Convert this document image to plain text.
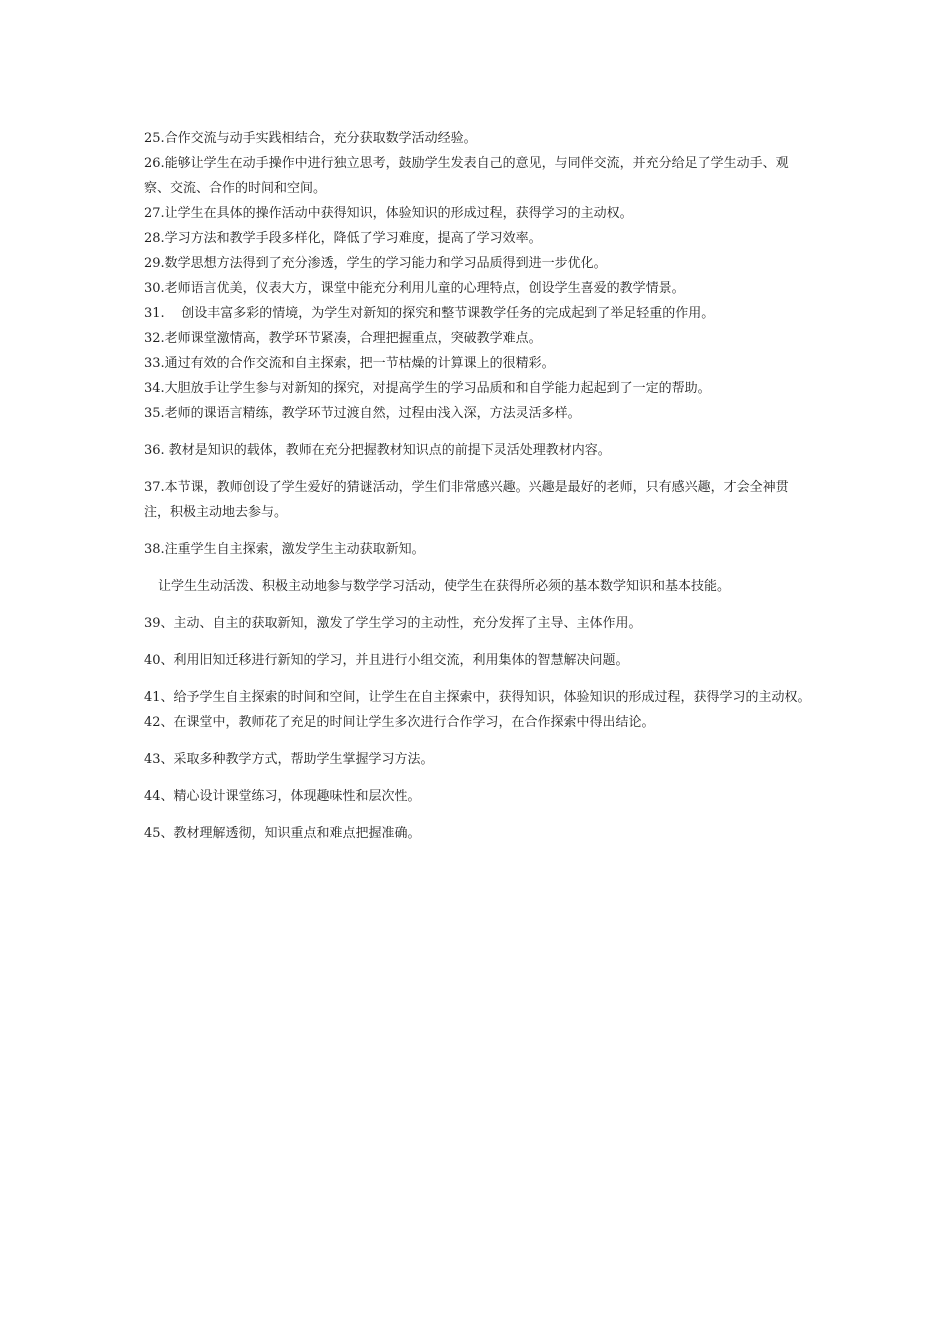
25.合作交流与动手实践相结合，充分获取数学活动经验。

26.能够让学生在动手操作中进行独立思考，鼓励学生发表自己的意见，与同伴交流，并充分给足了学生动手、观察、交流、合作的时间和空间。

27.让学生在具体的操作活动中获得知识，体验知识的形成过程，获得学习的主动权。

28.学习方法和教学手段多样化，降低了学习难度，提高了学习效率。

29.数学思想方法得到了充分渗透，学生的学习能力和学习品质得到进一步优化。

30.老师语言优美，仪表大方，课堂中能充分利用儿童的心理特点，创设学生喜爱的教学情景。

31.    创设丰富多彩的情境，为学生对新知的探究和整节课教学任务的完成起到了举足轻重的作用。

32.老师课堂激情高，教学环节紧凑，合理把握重点，突破教学难点。

33.通过有效的合作交流和自主探索，把一节枯燥的计算课上的很精彩。

34.大胆放手让学生参与对新知的探究，对提高学生的学习品质和和自学能力起起到了一定的帮助。

35.老师的课语言精练，教学环节过渡自然，过程由浅入深，方法灵活多样。

36. 教材是知识的载体，教师在充分把握教材知识点的前提下灵活处理教材内容。

37.本节课，教师创设了学生爱好的猜谜活动，学生们非常感兴趣。兴趣是最好的老师，只有感兴趣，才会全神贯注，积极主动地去参与。

38.注重学生自主探索，激发学生主动获取新知。

让学生生动活泼、积极主动地参与数学学习活动，使学生在获得所必须的基本数学知识和基本技能。

39、主动、自主的获取新知，激发了学生学习的主动性，充分发挥了主导、主体作用。

40、利用旧知迁移进行新知的学习，并且进行小组交流，利用集体的智慧解决问题。

41、给予学生自主探索的时间和空间，让学生在自主探索中，获得知识，体验知识的形成过程，获得学习的主动权。42、在课堂中，教师花了充足的时间让学生多次进行合作学习，在合作探索中得出结论。

43、采取多种教学方式，帮助学生掌握学习方法。

44、精心设计课堂练习，体现趣味性和层次性。

45、教材理解透彻，知识重点和难点把握准确。
